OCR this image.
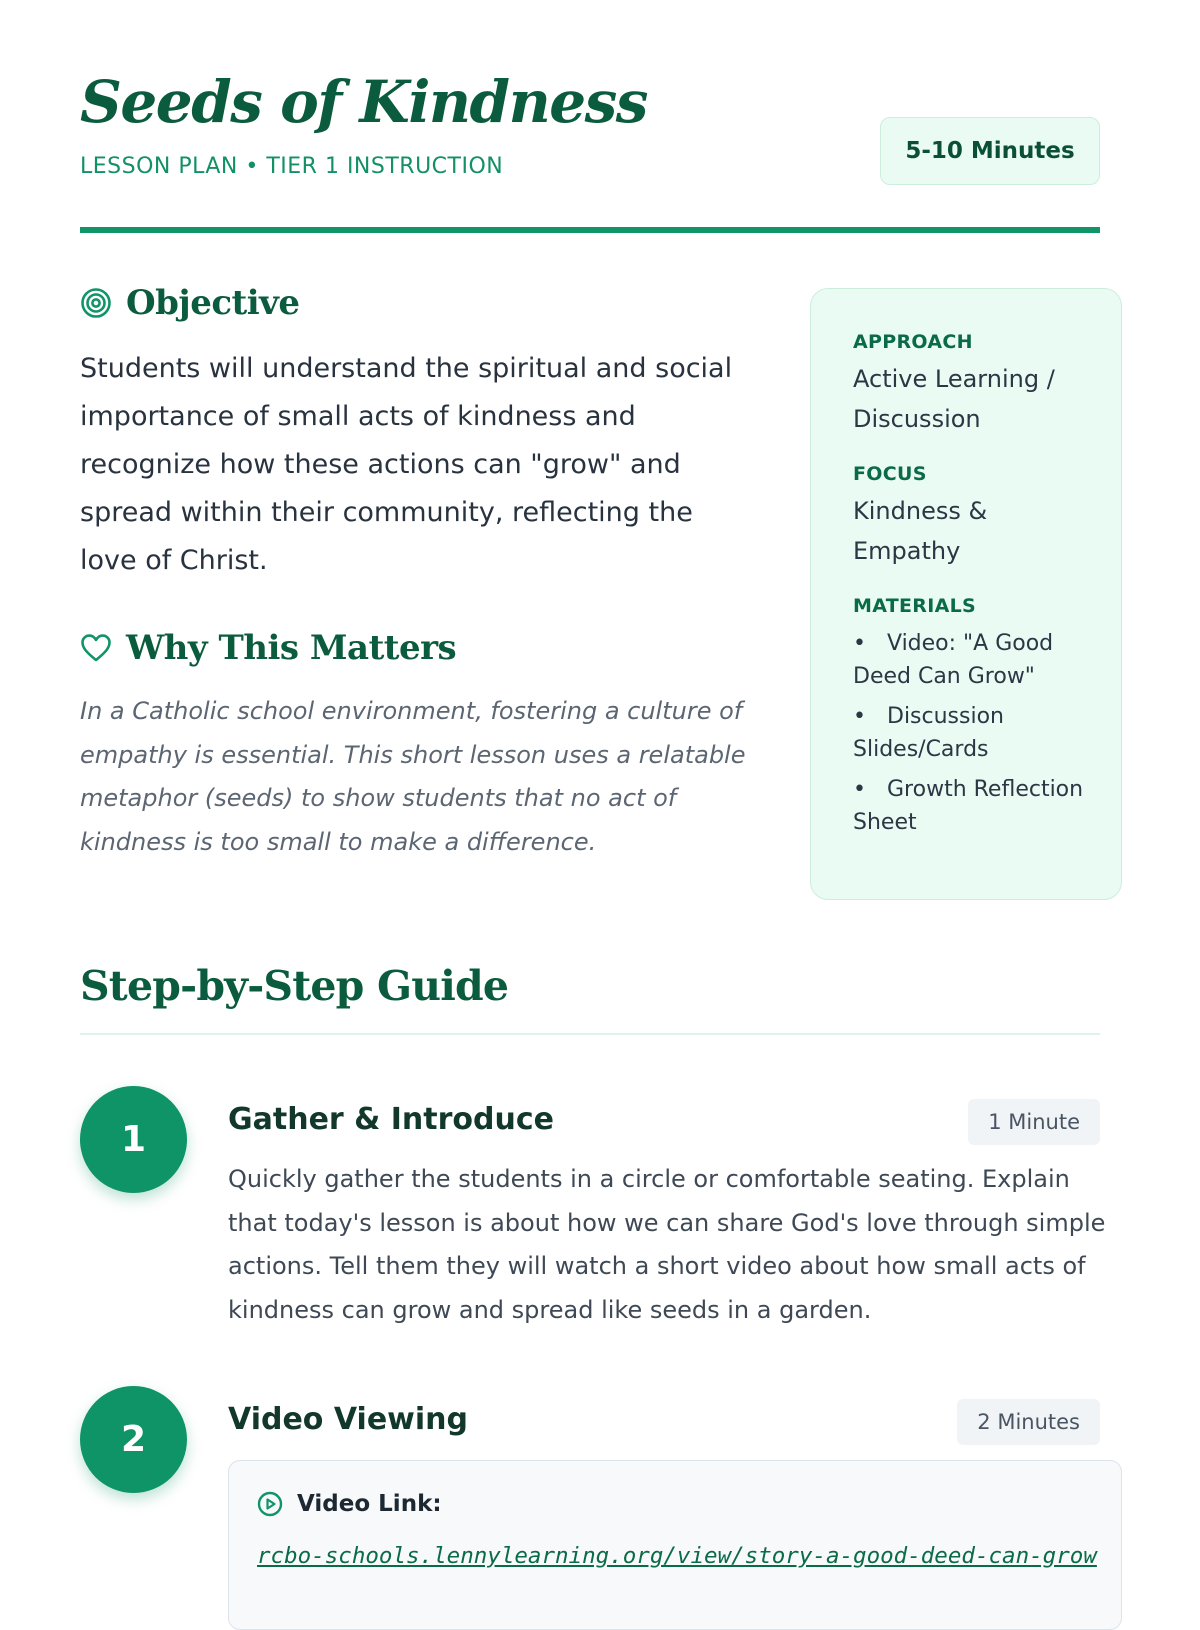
Seeds of Kindness
LESSON PLAN • TIER 1 INSTRUCTION
5-10 Minutes
Objective

Students will understand the spiritual and social importance of small acts of kindness and recognize how these actions can "grow" and spread within their community, reflecting the love of Christ.

Why This Matters

In a Catholic school environment, fostering a culture of empathy is essential. This short lesson uses a relatable metaphor (seeds) to show students that no act of kindness is too small to make a difference.

APPROACH
Active Learning / Discussion
FOCUS
Kindness & Empathy
MATERIALS
• Video: "A Good Deed Can Grow"
• Discussion Slides/Cards
• Growth Reflection Sheet
Step-by-Step Guide
1	Gather & Introduce	1 Minute

Quickly gather the students in a circle or comfortable seating. Explain that today's lesson is about how we can share God's love through simple actions. Tell them they will watch a short video about how small acts of kindness can grow and spread like seeds in a garden.

2	Video Viewing	2 Minutes
Video Link:
rcbo-schools.lennylearning.org/view/story-a-good-deed-can-grow
